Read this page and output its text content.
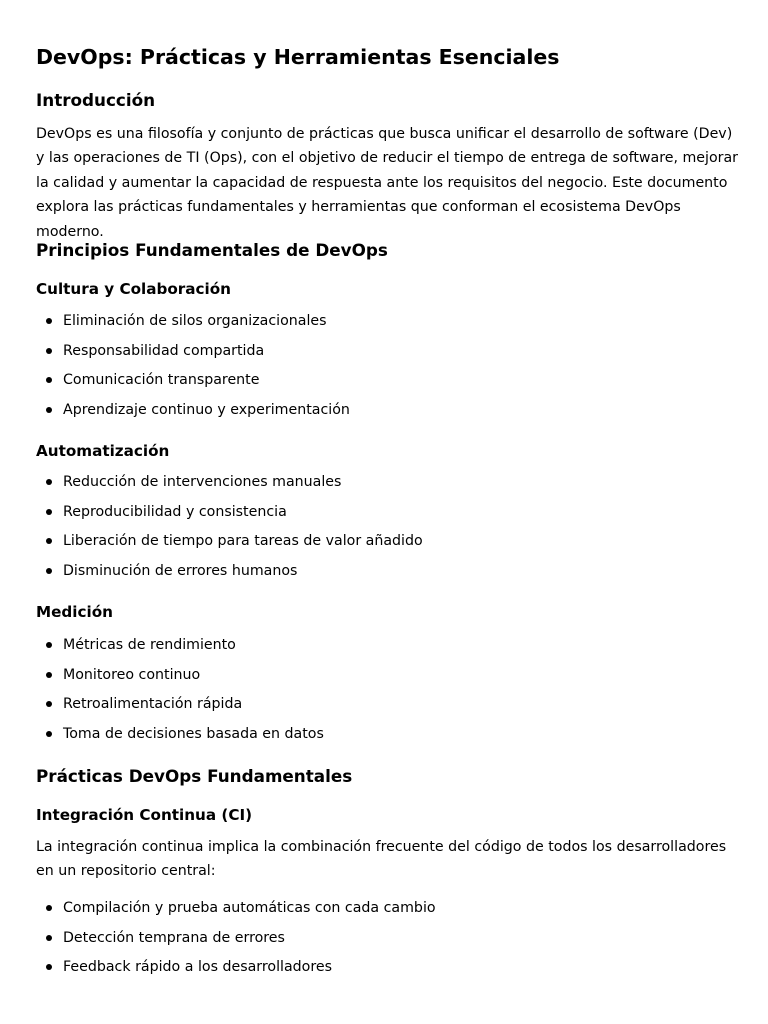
DevOps: Prácticas y Herramientas Esenciales
Introducción

DevOps es una filosofía y conjunto de prácticas que busca unificar el desarrollo de software (Dev) y las operaciones de TI (Ops), con el objetivo de reducir el tiempo de entrega de software, mejorar la calidad y aumentar la capacidad de respuesta ante los requisitos del negocio. Este documento explora las prácticas fundamentales y herramientas que conforman el ecosistema DevOps moderno.

Principios Fundamentales de DevOps
Cultura y Colaboración
Eliminación de silos organizacionales
Responsabilidad compartida
Comunicación transparente
Aprendizaje continuo y experimentación
Automatización
Reducción de intervenciones manuales
Reproducibilidad y consistencia
Liberación de tiempo para tareas de valor añadido
Disminución de errores humanos
Medición
Métricas de rendimiento
Monitoreo continuo
Retroalimentación rápida
Toma de decisiones basada en datos
Prácticas DevOps Fundamentales
Integración Continua (CI)

La integración continua implica la combinación frecuente del código de todos los desarrolladores en un repositorio central:

Compilación y prueba automáticas con cada cambio
Detección temprana de errores
Feedback rápido a los desarrolladores
